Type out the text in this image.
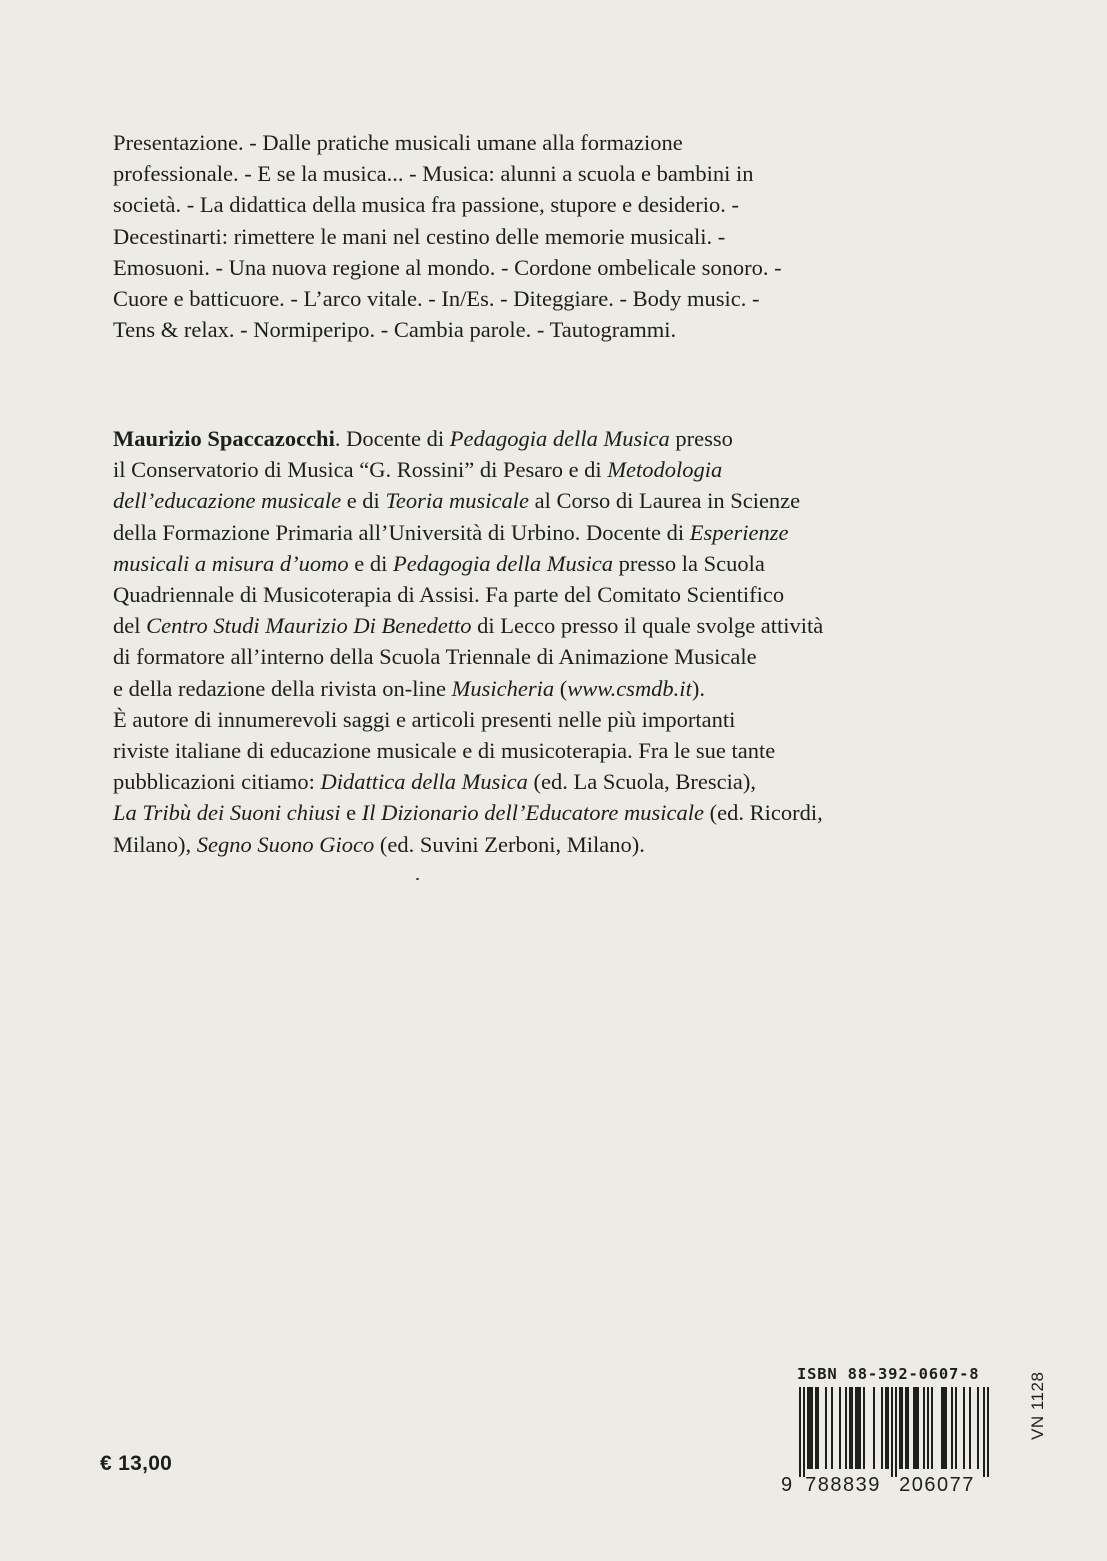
Presentazione. - Dalle pratiche musicali umane alla formazione
professionale. - E se la musica... - Musica: alunni a scuola e bambini in
società. - La didattica della musica fra passione, stupore e desiderio. -
Decestinarti: rimettere le mani nel cestino delle memorie musicali. -
Emosuoni. - Una nuova regione al mondo. - Cordone ombelicale sonoro. -
Cuore e batticuore. - L’arco vitale. - In/Es. - Diteggiare. - Body music. -
Tens & relax. - Normiperipo. - Cambia parole. - Tautogrammi.
Maurizio Spaccazocchi. Docente di Pedagogia della Musica presso
il Conservatorio di Musica “G. Rossini” di Pesaro e di Metodologia
dell’educazione musicale e di Teoria musicale al Corso di Laurea in Scienze
della Formazione Primaria all’Università di Urbino. Docente di Esperienze
musicali a misura d’uomo e di Pedagogia della Musica presso la Scuola
Quadriennale di Musicoterapia di Assisi. Fa parte del Comitato Scientifico
del Centro Studi Maurizio Di Benedetto di Lecco presso il quale svolge attività
di formatore all’interno della Scuola Triennale di Animazione Musicale
e della redazione della rivista on-line Musicheria (www.csmdb.it).
È autore di innumerevoli saggi e articoli presenti nelle più importanti
riviste italiane di educazione musicale e di musicoterapia. Fra le sue tante
pubblicazioni citiamo: Didattica della Musica (ed. La Scuola, Brescia),
La Tribù dei Suoni chiusi e Il Dizionario dell’Educatore musicale (ed. Ricordi,
Milano), Segno Suono Gioco (ed. Suvini Zerboni, Milano).
€ 13,00
ISBN 88-392-0607-8
9 788839 206077
VN 1128
